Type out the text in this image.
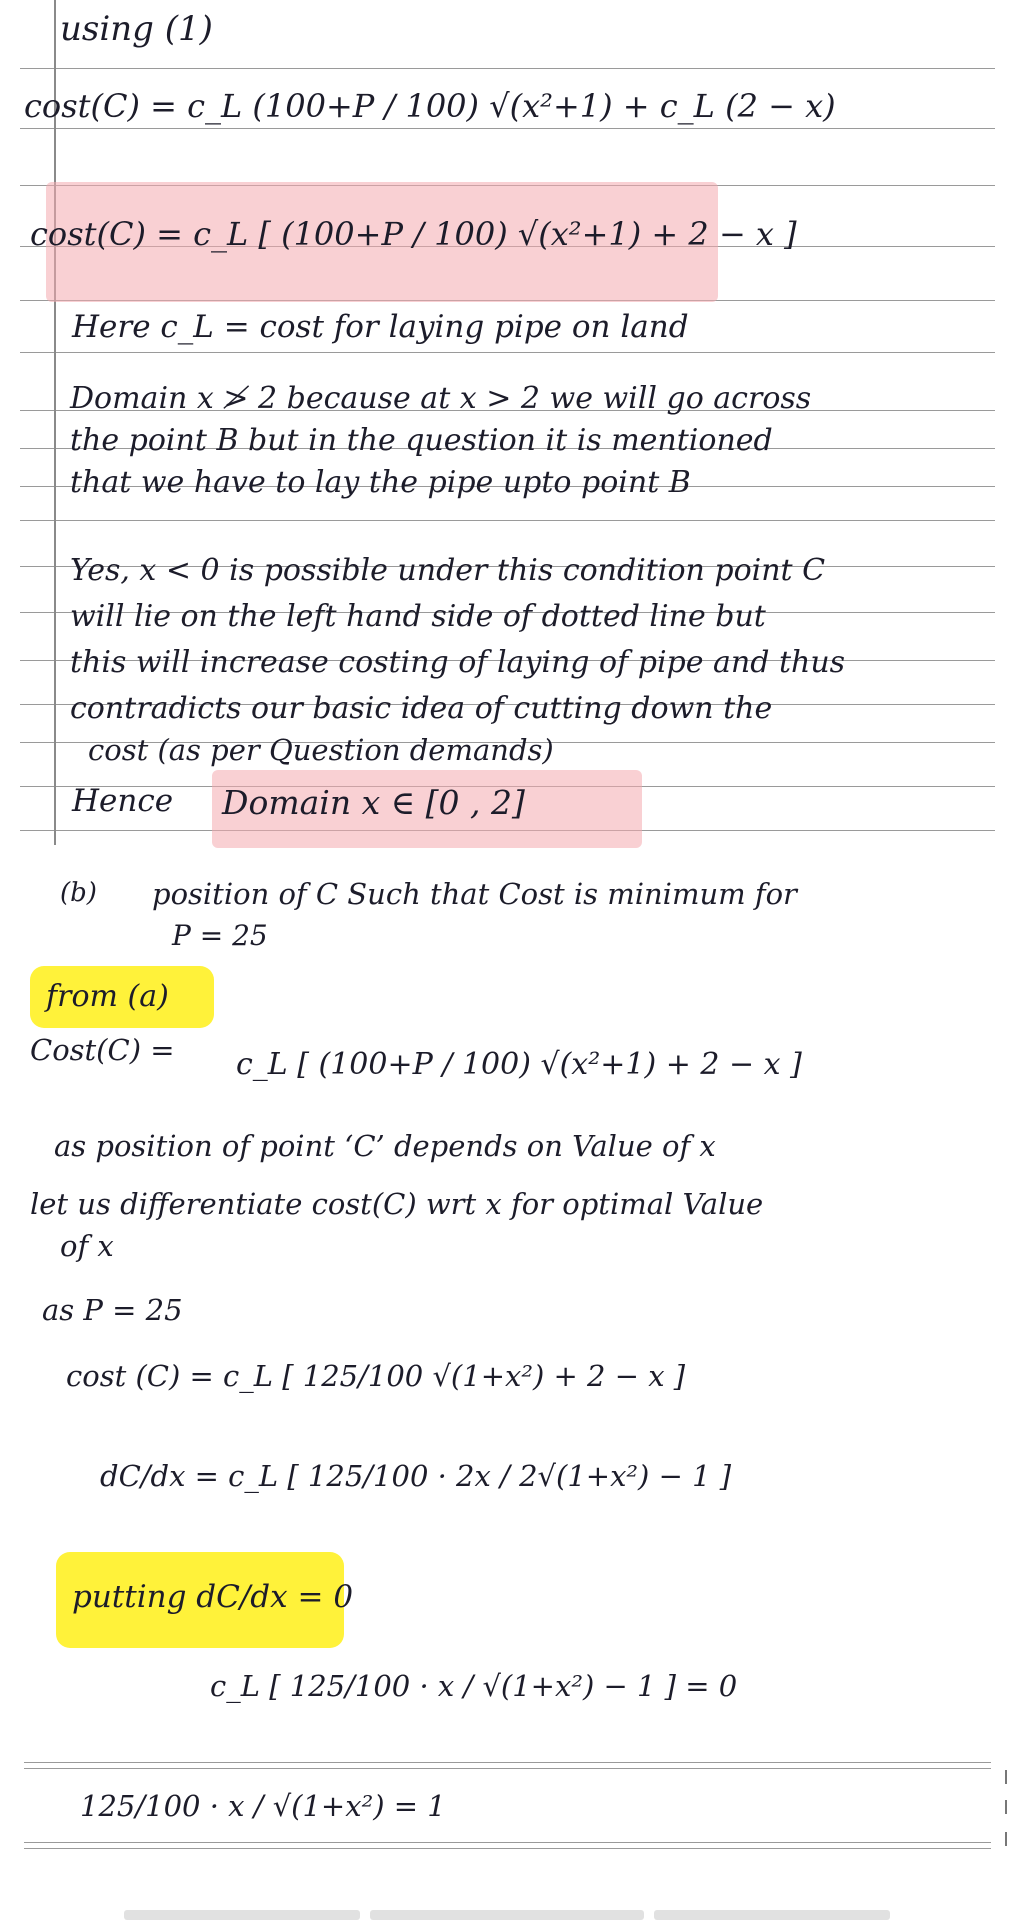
using (1)
cost(C) = c_L (100+P / 100) √(x²+1) + c_L (2 − x)
cost(C) = c_L [ (100+P / 100) √(x²+1) + 2 − x ]
Here c_L = cost for laying pipe on land
Domain x ≯ 2 because at x > 2 we will go across
the point B but in the question it is mentioned
that we have to lay the pipe upto point B
Yes, x < 0 is possible under this condition point C
will lie on the left hand side of dotted line but
this will increase costing of laying of pipe and thus
contradicts our basic idea of cutting down the
cost (as per Question demands)
Hence Domain x ∈ [0 , 2]
(b) position of C Such that Cost is minimum for
P = 25
from (a)
Cost(C) = c_L [ (100+P / 100) √(x²+1) + 2 − x ]
as position of point ‘C’ depends on Value of x
let us differentiate cost(C) wrt x for optimal Value
of x
as P = 25
cost (C) = c_L [ 125/100 √(1+x²) + 2 − x ]
dC/dx = c_L [ 125/100 · 2x / 2√(1+x²) − 1 ]
putting dC/dx = 0
c_L [ 125/100 · x / √(1+x²) − 1 ] = 0
125/100 · x / √(1+x²) = 1
